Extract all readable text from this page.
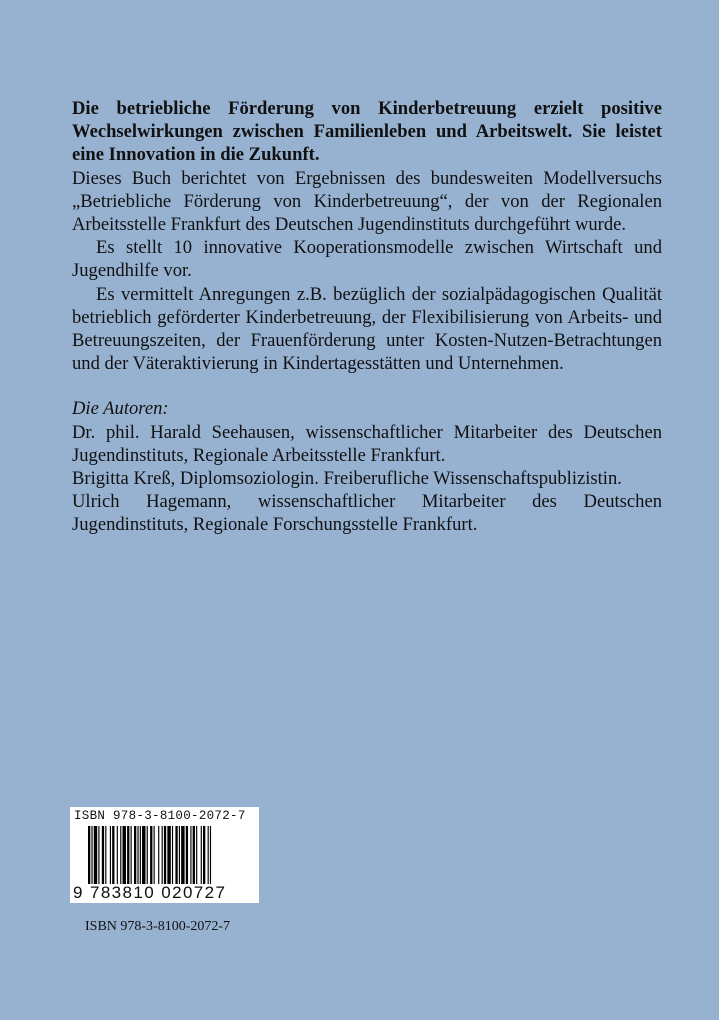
Die betriebliche Förderung von Kinderbetreuung erzielt positive Wechselwirkungen zwischen Familienleben und Arbeitswelt. Sie leistet eine Innovation in die Zukunft.

Dieses Buch berichtet von Ergebnissen des bundesweiten Modellversuchs „Betriebliche Förderung von Kinderbetreuung“, der von der Regionalen Arbeitsstelle Frankfurt des Deutschen Jugendinstituts durchgeführt wurde.

Es stellt 10 innovative Kooperationsmodelle zwischen Wirtschaft und Jugendhilfe vor.

Es vermittelt Anregungen z.B. bezüglich der sozialpädagogischen Qualität betrieblich geförderter Kinderbetreuung, der Flexibilisierung von Arbeits- und Betreuungszeiten, der Frauenförderung unter Kosten-Nutzen-Betrachtungen und der Väteraktivierung in Kindertagesstätten und Unternehmen.

Die Autoren:

Dr. phil. Harald Seehausen, wissenschaftlicher Mitarbeiter des Deutschen Jugendinstituts, Regionale Arbeitsstelle Frankfurt.

Brigitta Kreß, Diplomsoziologin. Freiberufliche Wissenschaftspublizistin.

Ulrich Hagemann, wissenschaftlicher Mitarbeiter des Deutschen Jugendinstituts, Regionale Forschungsstelle Frankfurt.

ISBN 978-3-8100-2072-7
9 783810 020727
ISBN 978-3-8100-2072-7
